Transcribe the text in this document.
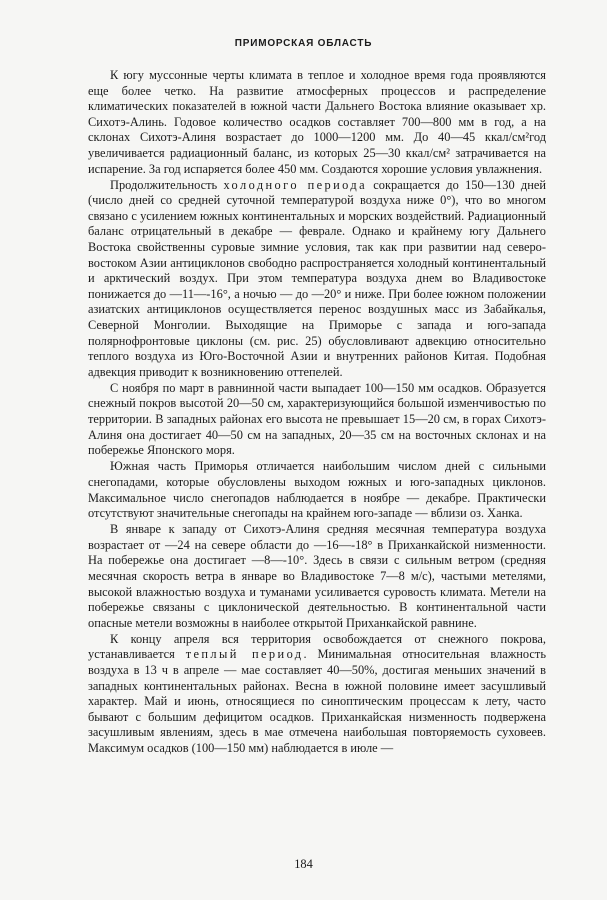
ПРИМОРСКАЯ ОБЛАСТЬ

К югу муссонные черты климата в теплое и холодное время года проявляются еще более четко. На развитие атмосферных процессов и распределение климатических показателей в южной части Дальнего Востока влияние оказывает хр. Сихотэ-Алинь. Годовое количество осадков составляет 700—800 мм в год, а на склонах Сихотэ-Алиня возрастает до 1000—1200 мм. До 40—45 ккал/см²год увеличивается радиационный баланс, из которых 25—30 ккал/см² затрачивается на испарение. За год испаряется более 450 мм. Создаются хорошие условия увлажнения.

Продолжительность холодного периода сокращается до 150—130 дней (число дней со средней суточной температурой воздуха ниже 0°), что во многом связано с усилением южных континентальных и морских воздействий. Радиационный баланс отрицательный в декабре — феврале. Однако и крайнему югу Дальнего Востока свойственны суровые зимние условия, так как при развитии над северо-востоком Азии антициклонов свободно распространяется холодный континентальный и арктический воздух. При этом температура воздуха днем во Владивостоке понижается до —11—-16°, а ночью — до —20° и ниже. При более южном положении азиатских антициклонов осуществляется перенос воздушных масс из Забайкалья, Северной Монголии. Выходящие на Приморье с запада и юго-запада полярнофронтовые циклоны (см. рис. 25) обусловливают адвекцию относительно теплого воздуха из Юго-Восточной Азии и внутренних районов Китая. Подобная адвекция приводит к возникновению оттепелей.

С ноября по март в равнинной части выпадает 100—150 мм осадков. Образуется снежный покров высотой 20—50 см, характеризующийся большой изменчивостью по территории. В западных районах его высота не превышает 15—20 см, в горах Сихотэ-Алиня она достигает 40—50 см на западных, 20—35 см на восточных склонах и на побережье Японского моря.

Южная часть Приморья отличается наибольшим числом дней с сильными снегопадами, которые обусловлены выходом южных и юго-западных циклонов. Максимальное число снегопадов наблюдается в ноябре — декабре. Практически отсутствуют значительные снегопады на крайнем юго-западе — вблизи оз. Ханка.

В январе к западу от Сихотэ-Алиня средняя месячная температура воздуха возрастает от —24 на севере области до —16—-18° в Приханкайской низменности. На побережье она достигает —8—-10°. Здесь в связи с сильным ветром (средняя месячная скорость ветра в январе во Владивостоке 7—8 м/с), частыми метелями, высокой влажностью воздуха и туманами усиливается суровость климата. Метели на побережье связаны с циклонической деятельностью. В континентальной части опасные метели возможны в наиболее открытой Приханкайской равнине.

К концу апреля вся территория освобождается от снежного покрова, устанавливается теплый период. Минимальная относительная влажность воздуха в 13 ч в апреле — мае составляет 40—50%, достигая меньших значений в западных континентальных районах. Весна в южной половине имеет засушливый характер. Май и июнь, относящиеся по синоптическим процессам к лету, часто бывают с большим дефицитом осадков. Приханкайская низменность подвержена засушливым явлениям, здесь в мае отмечена наибольшая повторяемость суховеев. Максимум осадков (100—150 мм) наблюдается в июле —

184
